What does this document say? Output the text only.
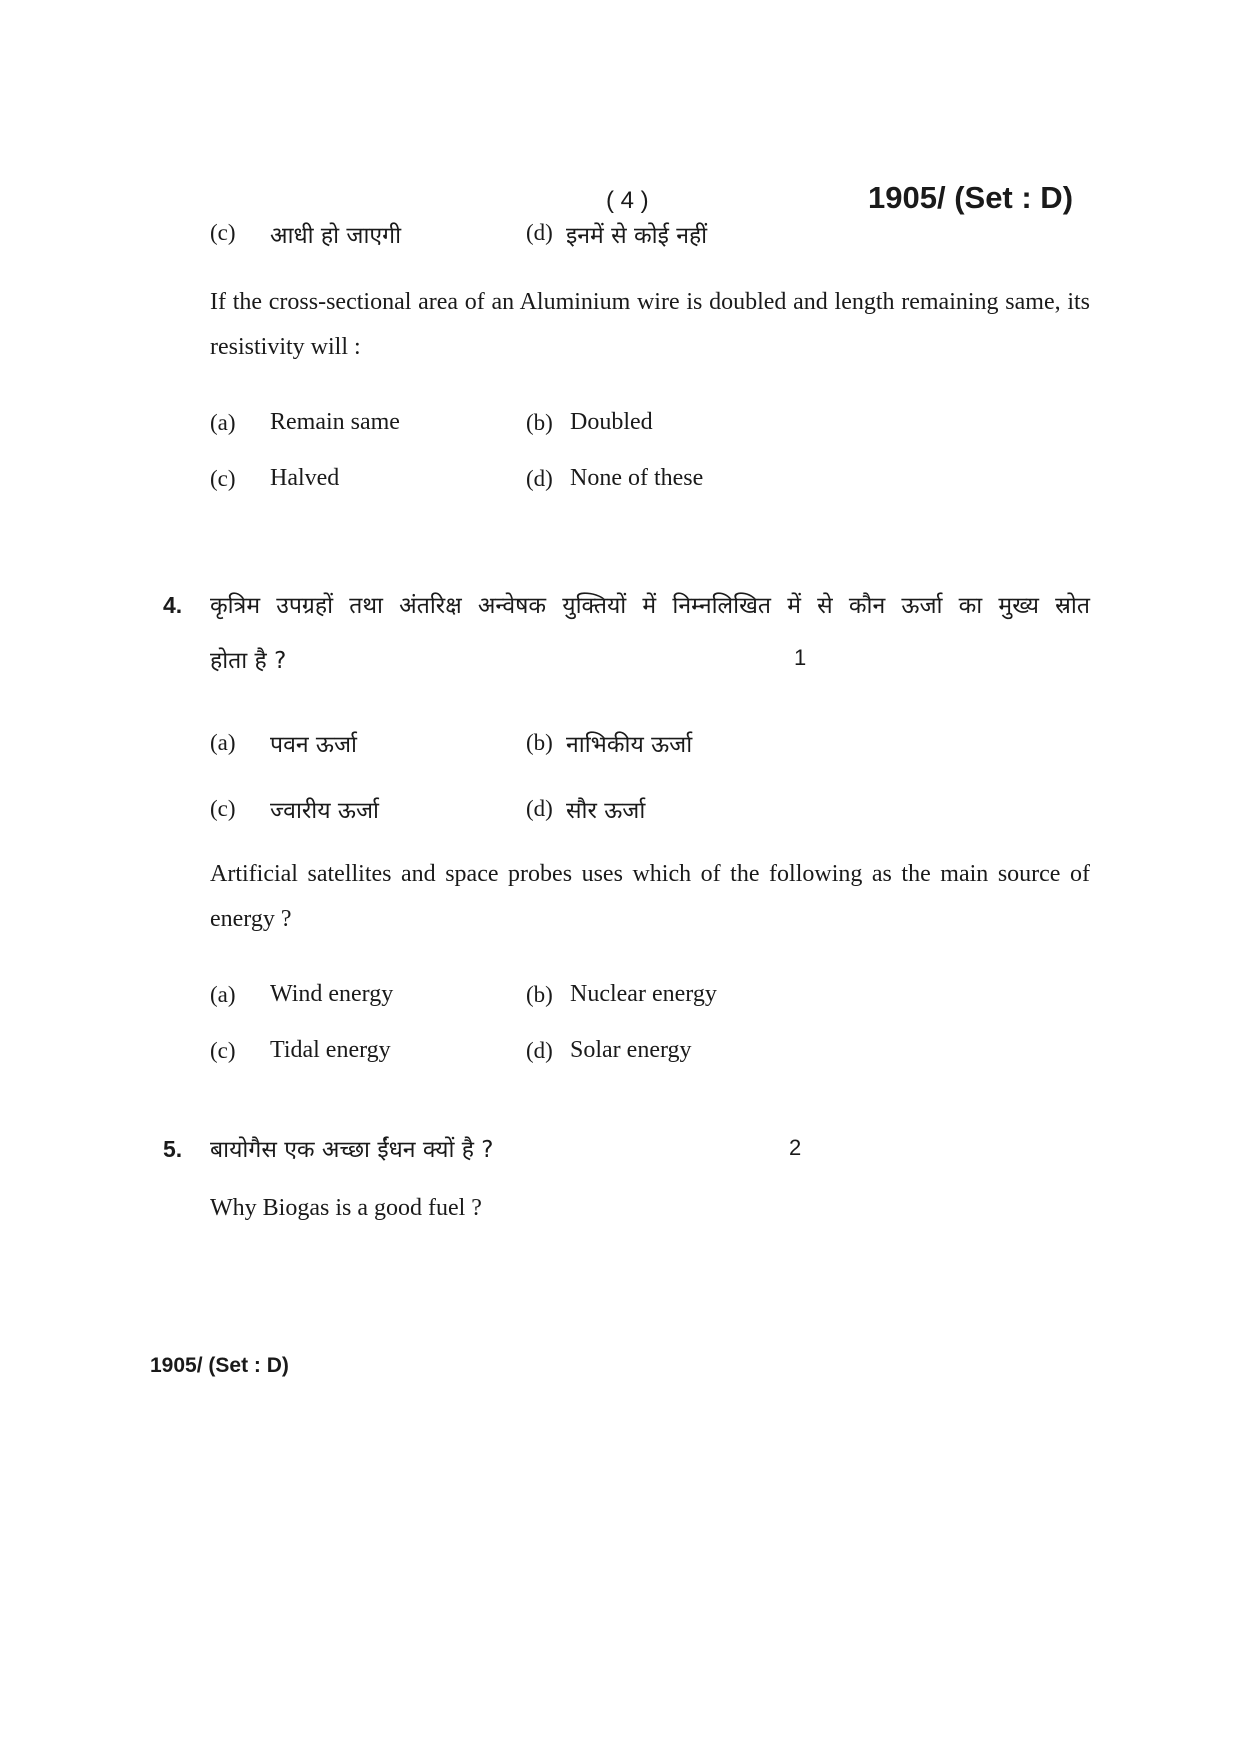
( 4 )	1905/ (Set : D)
(c) आधी हो जाएगी	(d) इनमें से कोई नहीं
If the cross-sectional area of an Aluminium wire is doubled and length remaining same, its resistivity will :
(a) Remain same	(b) Doubled
(c) Halved	(d) None of these
4. कृत्रिम उपग्रहों तथा अंतरिक्ष अन्वेषक युक्तियों में निम्नलिखित में से कौन ऊर्जा का मुख्य स्रोत
होता है ?	1
(a) पवन ऊर्जा	(b) नाभिकीय ऊर्जा
(c) ज्वारीय ऊर्जा	(d) सौर ऊर्जा
Artificial satellites and space probes uses which of the following as the main source of energy ?
(a) Wind energy	(b) Nuclear energy
(c) Tidal energy	(d) Solar energy
5. बायोगैस एक अच्छा ईंधन क्यों है ?	2
Why Biogas is a good fuel ?
1905/ (Set : D)
